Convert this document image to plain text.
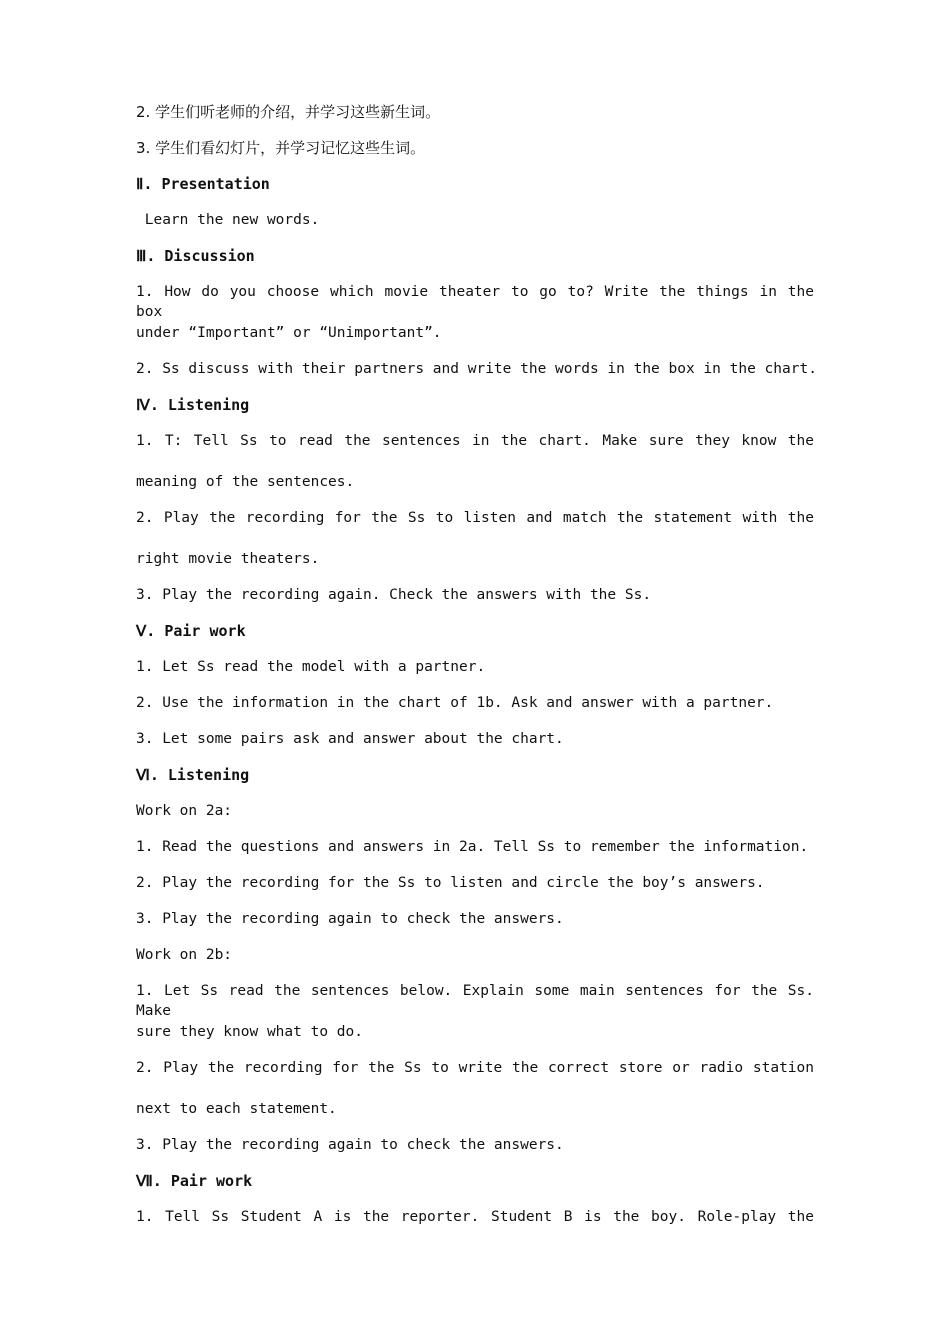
2. 学生们听老师的介绍，并学习这些新生词。
3. 学生们看幻灯片，并学习记忆这些生词。
Ⅱ. Presentation
Learn the new words.
Ⅲ. Discussion
1. How do you choose which movie theater to go to? Write the things in the box
under “Important” or “Unimportant”.
2. Ss discuss with their partners and write the words in the box in the chart.
Ⅳ. Listening
1. T: Tell Ss to read the sentences in the chart. Make sure they know the
meaning of the sentences.
2. Play the recording for the Ss to listen and match the statement with the
right movie theaters.
3. Play the recording again. Check the answers with the Ss.
Ⅴ. Pair work
1. Let Ss read the model with a partner.
2. Use the information in the chart of 1b. Ask and answer with a partner.
3. Let some pairs ask and answer about the chart.
Ⅵ. Listening
Work on 2a:
1. Read the questions and answers in 2a. Tell Ss to remember the information.
2. Play the recording for the Ss to listen and circle the boy’s answers.
3. Play the recording again to check the answers.
Work on 2b:
1. Let Ss read the sentences below. Explain some main sentences for the Ss. Make
sure they know what to do.
2. Play the recording for the Ss to write the correct store or radio station
next to each statement.
3. Play the recording again to check the answers.
Ⅶ. Pair work
1. Tell Ss Student A is the reporter. Student B is the boy. Role-play the
